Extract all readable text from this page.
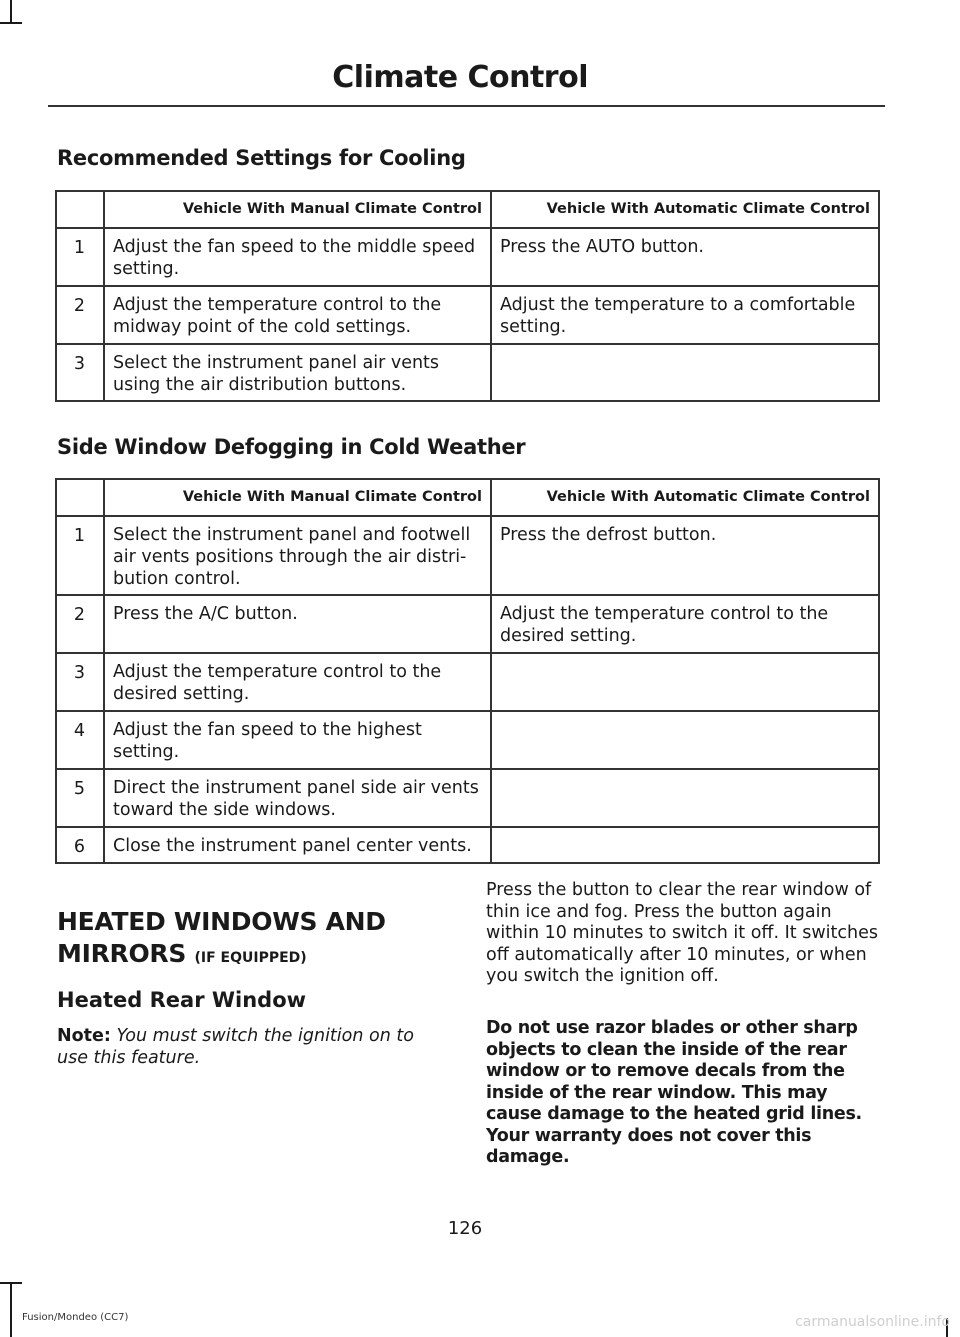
Climate Control
Recommended Settings for Cooling
	Vehicle With Manual Climate Control	Vehicle With Automatic Climate Control
1	Adjust the fan speed to the middle speed setting.	Press the AUTO button.
2	Adjust the temperature control to the midway point of the cold settings.	Adjust the temperature to a comfortable setting.
3	Select the instrument panel air vents using the air distribution buttons.	
Side Window Defogging in Cold Weather
	Vehicle With Manual Climate Control	Vehicle With Automatic Climate Control
1	Select the instrument panel and footwell air vents positions through the air distri-bution control.	Press the defrost button.
2	Press the A/C button.	Adjust the temperature control to the desired setting.
3	Adjust the temperature control to the desired setting.	
4	Adjust the fan speed to the highest setting.	
5	Direct the instrument panel side air vents toward the side windows.	
6	Close the instrument panel center vents.	
HEATED WINDOWS AND MIRRORS (IF EQUIPPED)
Heated Rear Window
Note: You must switch the ignition on to use this feature.
Press the button to clear the rear window of thin ice and fog. Press the button again within 10 minutes to switch it off. It switches off automatically after 10 minutes, or when you switch the ignition off.
Do not use razor blades or other sharp objects to clean the inside of the rear window or to remove decals from the inside of the rear window. This may cause damage to the heated grid lines. Your warranty does not cover this damage.
126
Fusion/Mondeo (CC7)	carmanualsonline.info
